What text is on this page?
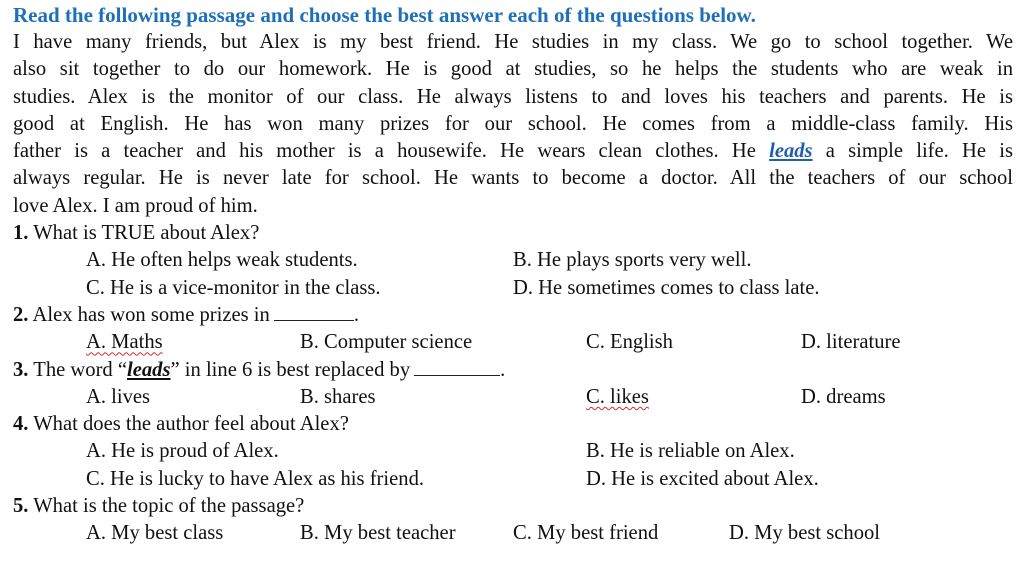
Read the following passage and choose the best answer each of the questions below.
I have many friends, but Alex is my best friend. He studies in my class. We go to school together. We
also sit together to do our homework. He is good at studies, so he helps the students who are weak in
studies. Alex is the monitor of our class. He always listens to and loves his teachers and parents. He is
good at English. He has won many prizes for our school. He comes from a middle-class family. His
father is a teacher and his mother is a housewife. He wears clean clothes. He leads a simple life. He is
always regular. He is never late for school. He wants to become a doctor. All the teachers of our school
love Alex. I am proud of him.
1. What is TRUE about Alex?
A. He often helps weak students.	B. He plays sports very well.
C. He is a vice-monitor in the class.	D. He sometimes comes to class late.
2. Alex has won some prizes in	.
A. Maths	B. Computer science	C. English	D. literature
3. The word “leads” in line 6 is best replaced by	.
A. lives	B. shares	C. likes	D. dreams
4. What does the author feel about Alex?
A. He is proud of Alex.	B. He is reliable on Alex.
C. He is lucky to have Alex as his friend.	D. He is excited about Alex.
5. What is the topic of the passage?
A. My best class	B. My best teacher	C. My best friend	D. My best school
